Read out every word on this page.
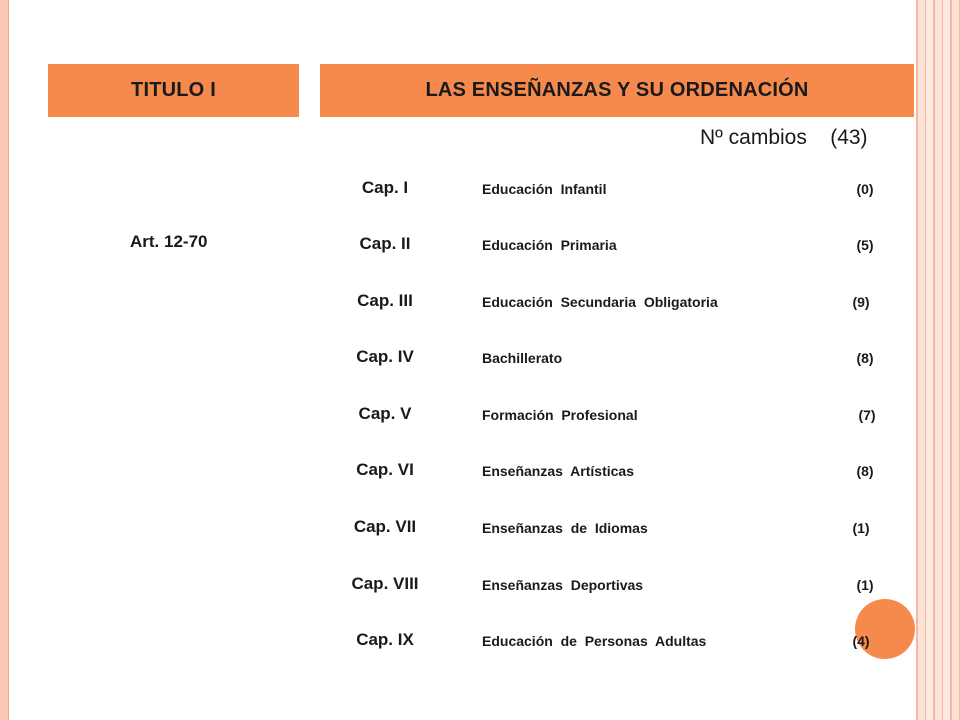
TITULO I	LAS ENSEÑANZAS Y SU ORDENACIÓN
Nº cambios    (43)
Art. 12-70
Cap. I	Educación  Infantil	(0)
Cap. II	Educación  Primaria	(5)
Cap. III	Educación  Secundaria  Obligatoria	(9)
Cap. IV	Bachillerato	(8)
Cap. V	Formación  Profesional	(7)
Cap. VI	Enseñanzas  Artísticas	(8)
Cap. VII	Enseñanzas  de  Idiomas	(1)
Cap. VIII	Enseñanzas  Deportivas	(1)
Cap. IX	Educación  de  Personas  Adultas	(4)
